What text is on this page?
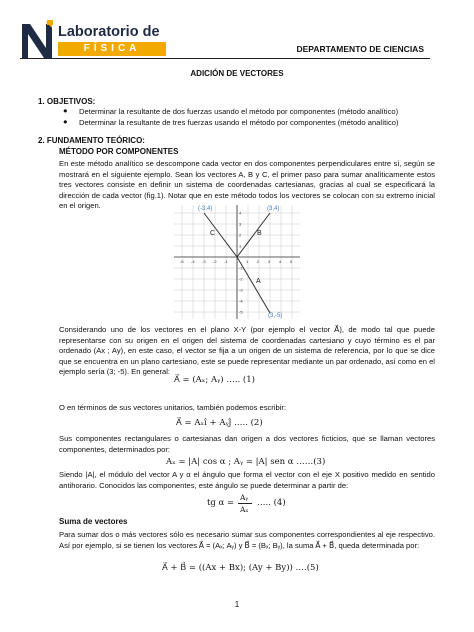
Laboratorio de
FÍSICA	DEPARTAMENTO DE CIENCIAS
ADICIÓN DE VECTORES
1. OBJETIVOS:
● Determinar la resultante de dos fuerzas usando el método por componentes (método analítico)
● Determinar la resultante de tres fuerzas usando el método por componentes (método analítico)
2. FUNDAMENTO TEÓRICO:
MÉTODO POR COMPONENTES
En este método analítico se descompone cada vector en dos componentes perpendiculares entre sí, según se mostrará en el siguiente ejemplo. Sean los vectores A, B y C, el primer paso para sumar analíticamente estos tres vectores consiste en definir un sistema de coordenadas cartesianas, gracias al cual se especificará la dirección de cada vector (fig.1). Notar que en este método todos los vectores se colocan con su extremo inicial en el origen.
-5 -4 -3 -2 -1	1 2 3 4 5
4
3
2
1
-1
-2
-3
-4
-5
(-3,4)	(3,4)
(3,-5)
C	B
A
Considerando uno de los vectores en el plano X-Y (por ejemplo el vector A⃗), de modo tal que puede representarse con su origen en el origen del sistema de coordenadas cartesiano y cuyo término es el par ordenado (Ax ; Ay), en este caso, el vector se fija a un origen de un sistema de referencia, por lo que se dice que se encuentra en un plano cartesiano, este se puede representar mediante un par ordenado, así como en el ejemplo sería (3; -5). En general:
A⃗ = (Aₓ; Aᵧ) ….. (1)
O en términos de sus vectores unitarios, también podemos escribir:
A⃗ = Aₓî + Aᵧĵ ….. (2)
Sus componentes rectangulares o cartesianas dan origen a dos vectores ficticios, que se llaman vectores componentes, determinados por:
Aₓ = |A| cos α ; Aᵧ = |A| sen α ……(3)
Siendo |A|, el módulo del vector A y α el ángulo que forma el vector con el eje X positivo medido en sentido antihorario. Conocidos las componentes, este ángulo se puede determinar a partir de:
tg α =
Aᵧ
Aₓ
….. (4)
Suma de vectores
Para sumar dos o más vectores sólo es necesario sumar sus componentes correspondientes al eje respectivo. Así por ejemplo, si se tienen los vectores A⃗ = (Aₓ; Aᵧ) y B⃗ = (Bₓ; Bᵧ), la suma A⃗ + B⃗, queda determinada por:
A⃗ + B⃗ = ((Ax + Bx); (Ay + By)) ….(5)
1
